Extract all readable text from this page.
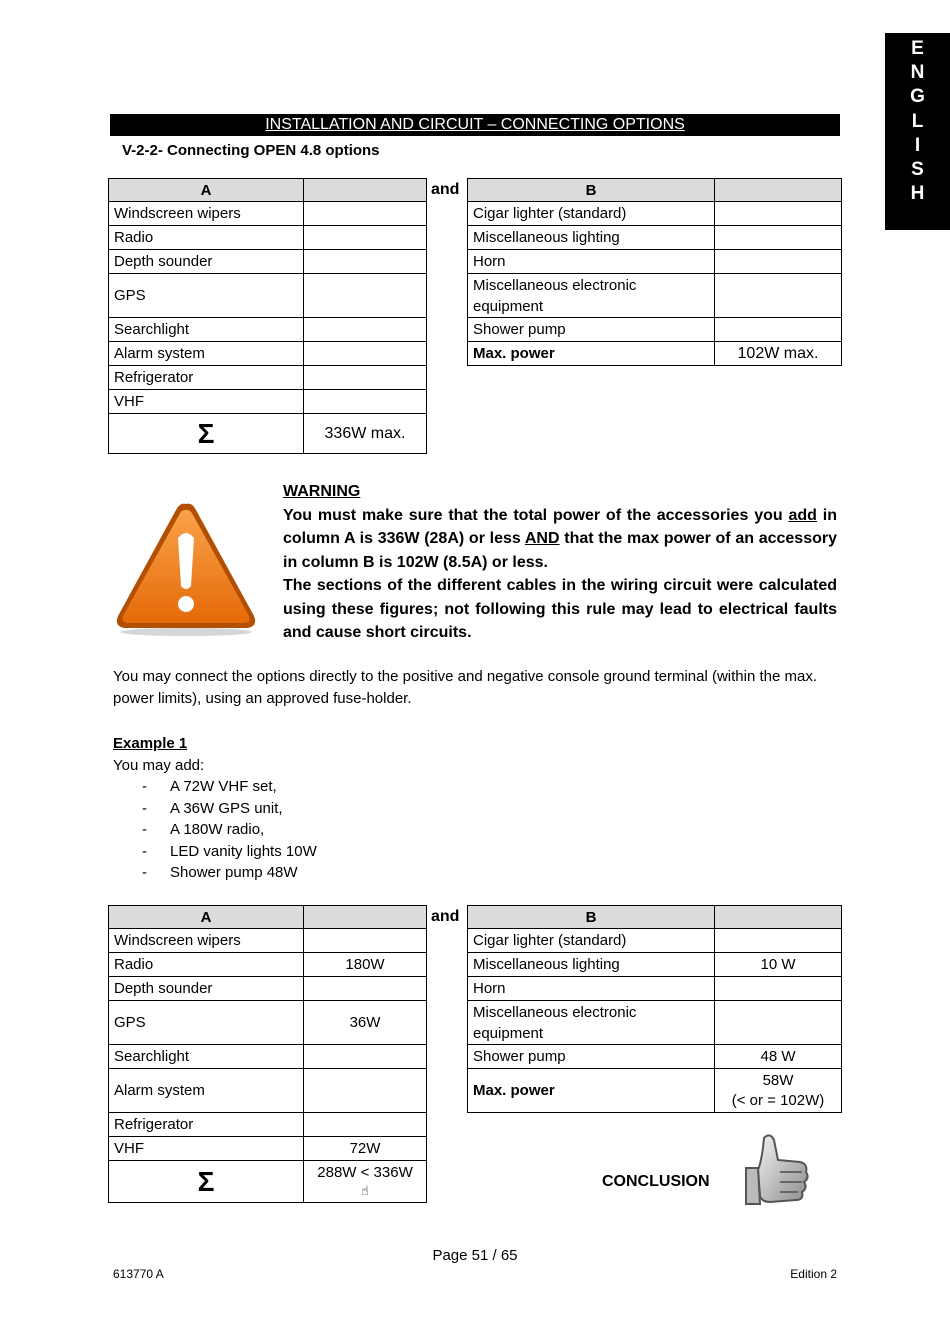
E
N
G
L
I
S
H
INSTALLATION AND CIRCUIT – CONNECTING OPTIONS
V-2-2- Connecting OPEN 4.8 options
A	
Windscreen wipers	
Radio	
Depth sounder	
GPS	
Searchlight	
Alarm system	
Refrigerator	
VHF	
Σ	336W max.
and	B	
Cigar lighter (standard)	
Miscellaneous lighting	
Horn	
Miscellaneous electronic equipment	
Shower pump	
Max. power	102W max.
WARNING
You must make sure that the total power of the accessories you add in column A is 336W (28A) or less AND that the max power of an accessory in column B is 102W (8.5A) or less.
The sections of the different cables in the wiring circuit were calculated using these figures; not following this rule may lead to electrical faults and cause short circuits.
You may connect the options directly to the positive and negative console ground terminal (within the max. power limits), using an approved fuse-holder.
Example 1
You may add:
- A 72W VHF set,
- A 36W GPS unit,
- A 180W radio,
- LED vanity lights 10W
- Shower pump 48W
A	
Windscreen wipers	
Radio	180W
Depth sounder	
GPS	36W
Searchlight	
Alarm system	
Refrigerator	
VHF	72W
Σ	288W < 336W
☝
and	B	
Cigar lighter (standard)	
Miscellaneous lighting	10 W
Horn	
Miscellaneous electronic equipment	
Shower pump	48 W
Max. power	58W
(< or = 102W)
CONCLUSION
Page 51 / 65
613770 A	Edition 2
